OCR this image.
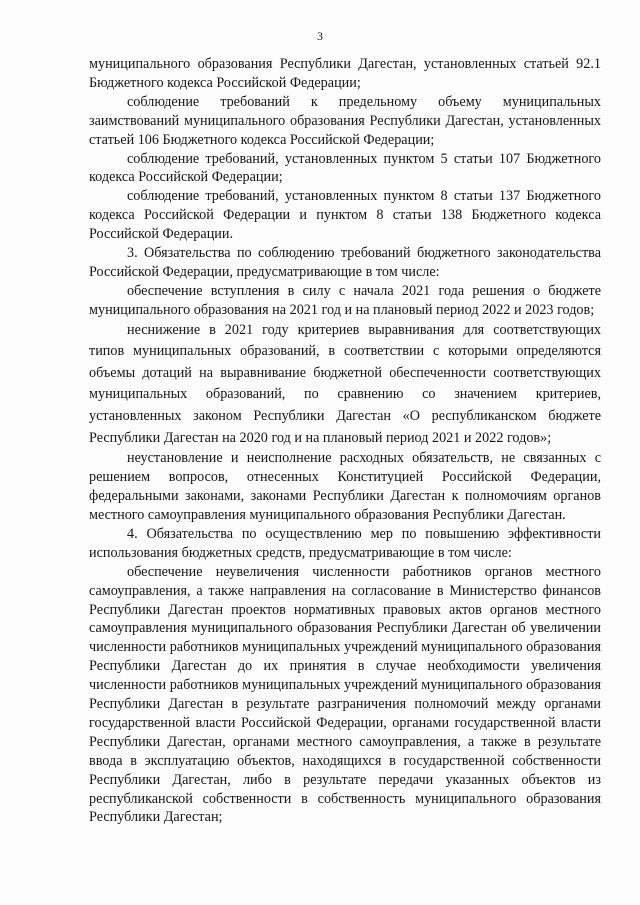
3

муниципального образования Республики Дагестан, установленных статьей 92.1 Бюджетного кодекса Российской Федерации;

соблюдение требований к предельному объему муниципальных заимствований муниципального образования Республики Дагестан, установленных статьей 106 Бюджетного кодекса Российской Федерации;

соблюдение требований, установленных пунктом 5 статьи 107 Бюджетного кодекса Российской Федерации;

соблюдение требований, установленных пунктом 8 статьи 137 Бюджетного кодекса Российской Федерации и пунктом 8 статьи 138 Бюджетного кодекса Российской Федерации.

3. Обязательства по соблюдению требований бюджетного законодательства Российской Федерации, предусматривающие в том числе:

обеспечение вступления в силу с начала 2021 года решения о бюджете муниципального образования на 2021 год и на плановый период 2022 и 2023 годов;

неснижение в 2021 году критериев выравнивания для соответствующих типов муниципальных образований, в соответствии с которыми определяются объемы дотаций на выравнивание бюджетной обеспеченности соответствующих муниципальных образований, по сравнению со значением критериев, установленных законом Республики Дагестан «О республиканском бюджете Республики Дагестан на 2020 год и на плановый период 2021 и 2022 годов»;

неустановление и неисполнение расходных обязательств, не связанных с решением вопросов, отнесенных Конституцией Российской Федерации, федеральными законами, законами Республики Дагестан к полномочиям органов местного самоуправления муниципального образования Республики Дагестан.

4. Обязательства по осуществлению мер по повышению эффективности использования бюджетных средств, предусматривающие в том числе:

обеспечение неувеличения численности работников органов местного самоуправления, а также направления на согласование в Министерство финансов Республики Дагестан проектов нормативных правовых актов органов местного самоуправления муниципального образования Республики Дагестан об увеличении численности работников муниципальных учреждений муниципального образования Республики Дагестан до их принятия в случае необходимости увеличения численности работников муниципальных учреждений муниципального образования Республики Дагестан в результате разграничения полномочий между органами государственной власти Российской Федерации, органами государственной власти Республики Дагестан, органами местного самоуправления, а также в результате ввода в эксплуатацию объектов, находящихся в государственной собственности Республики Дагестан, либо в результате передачи указанных объектов из республиканской собственности в собственность муниципального образования Республики Дагестан;
